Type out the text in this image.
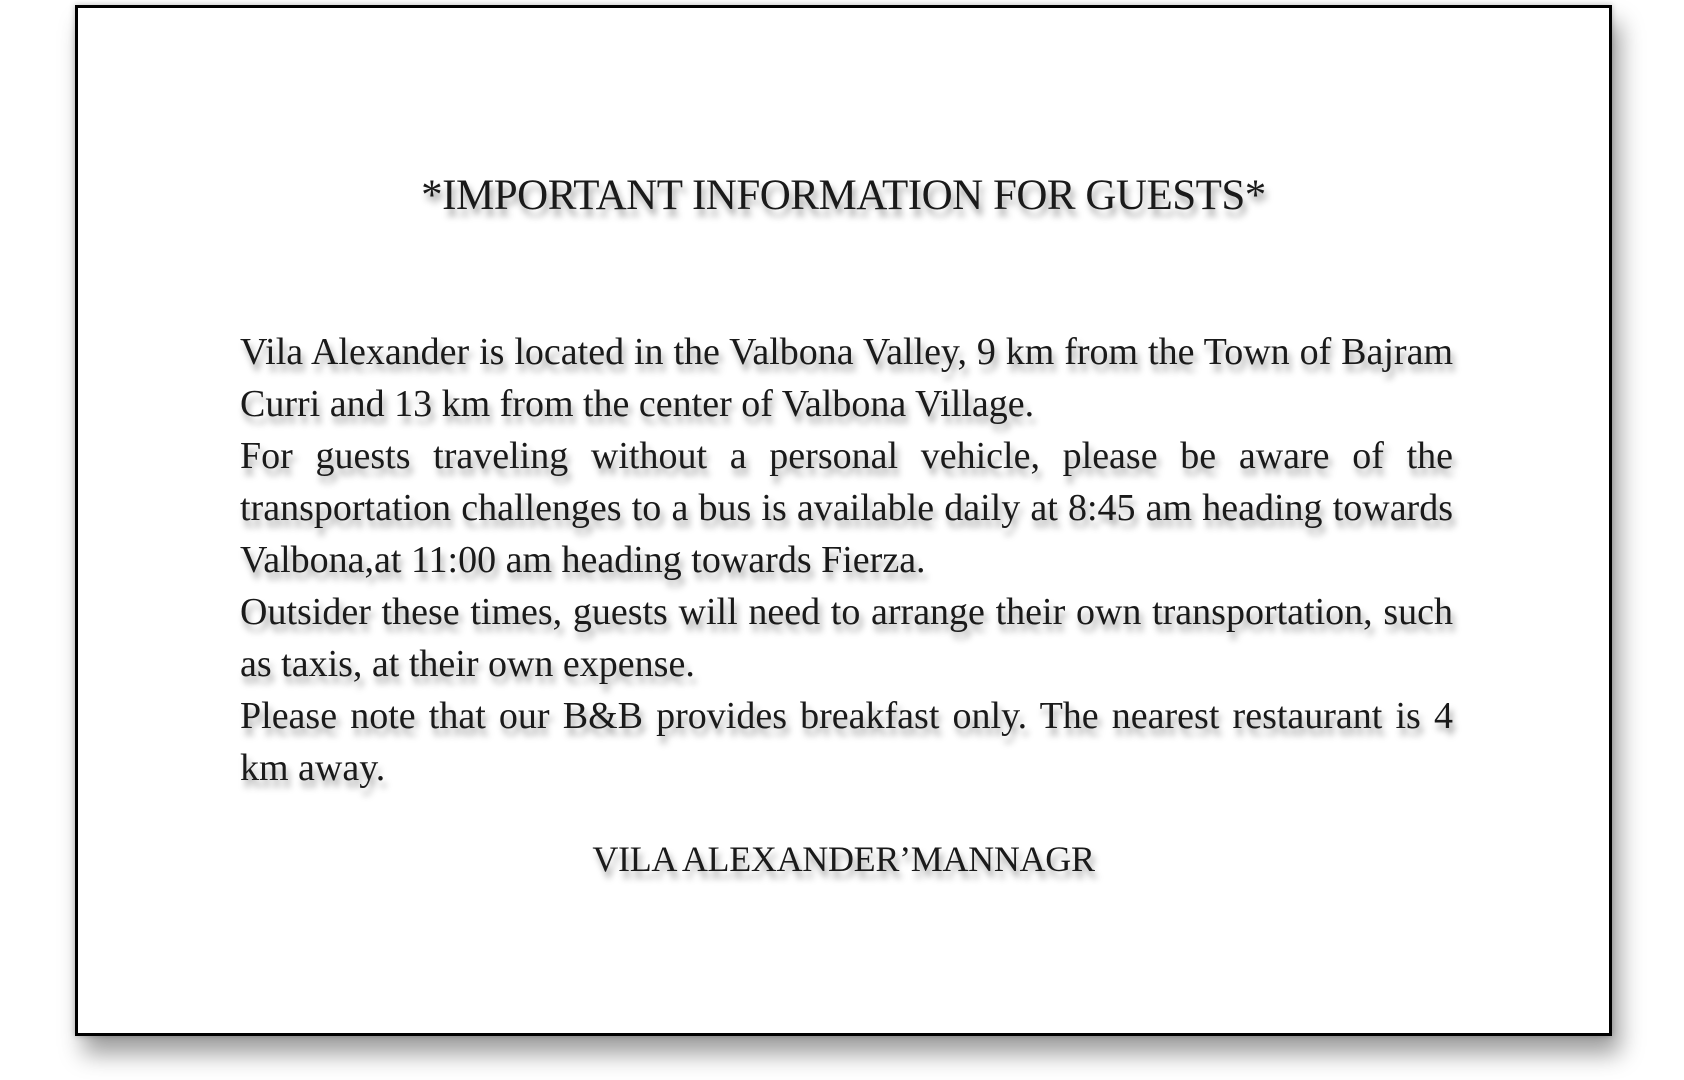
*IMPORTANT INFORMATION FOR GUESTS*

Vila Alexander is located in the Valbona Valley, 9 km from the Town of Bajram Curri and 13 km from the center of Valbona Village.

For guests traveling without a personal vehicle, please be aware of the transportation challenges to a bus is available daily at 8:45 am heading towards Valbona,at 11:00 am heading towards Fierza.

Outsider these times, guests will need to arrange their own transportation, such as taxis, at their own expense.

Please note that our B&B provides breakfast only. The nearest restaurant is 4 km away.

VILA ALEXANDER’MANNAGR
